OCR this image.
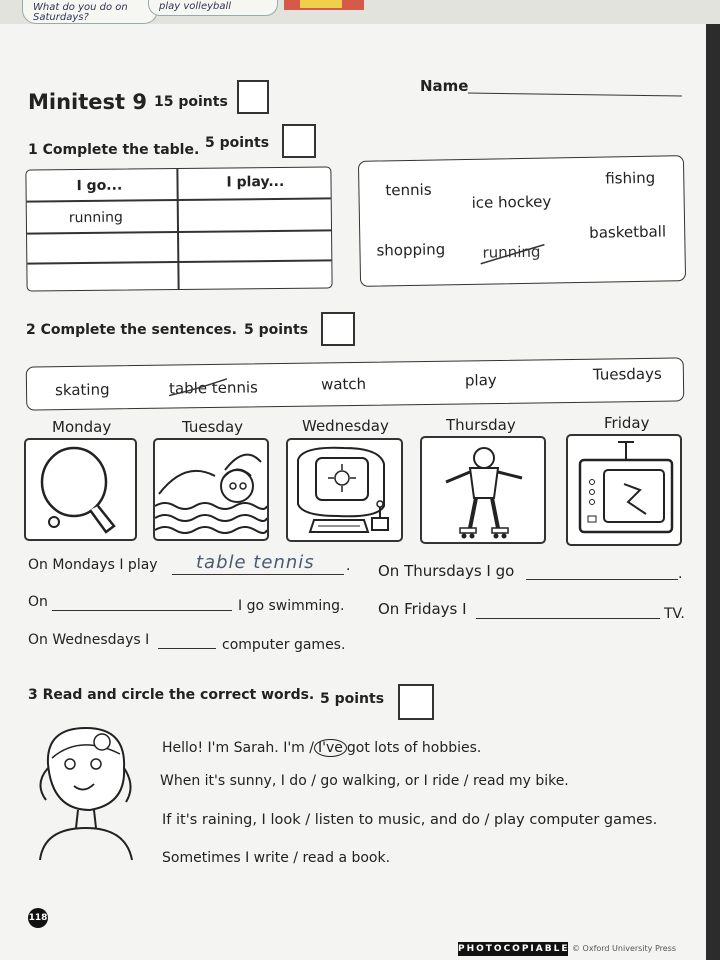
What do you do on Saturdays?
play volleyball
Minitest 9 15 points
Name
1 Complete the table. 5 points
I go...	I play...
running
tennis
fishing
ice hockey
basketball
shopping running
2 Complete the sentences. 5 points
skating	table tennis	watch	play	Tuesdays
Monday	Tuesday	Wednesday	Thursday	Friday
On Mondays I play table tennis . On Thursdays I go	.
On	I go swimming. On Fridays I	TV.
On Wednesdays I	computer games.
3 Read and circle the correct words. 5 points
Hello! I'm Sarah. I'm / I've got lots of hobbies.
When it's sunny, I do / go walking, or I ride / read my bike.
If it's raining, I look / listen to music, and do / play computer games.
Sometimes I write / read a book.
118
PHOTOCOPIABLE © Oxford University Press
